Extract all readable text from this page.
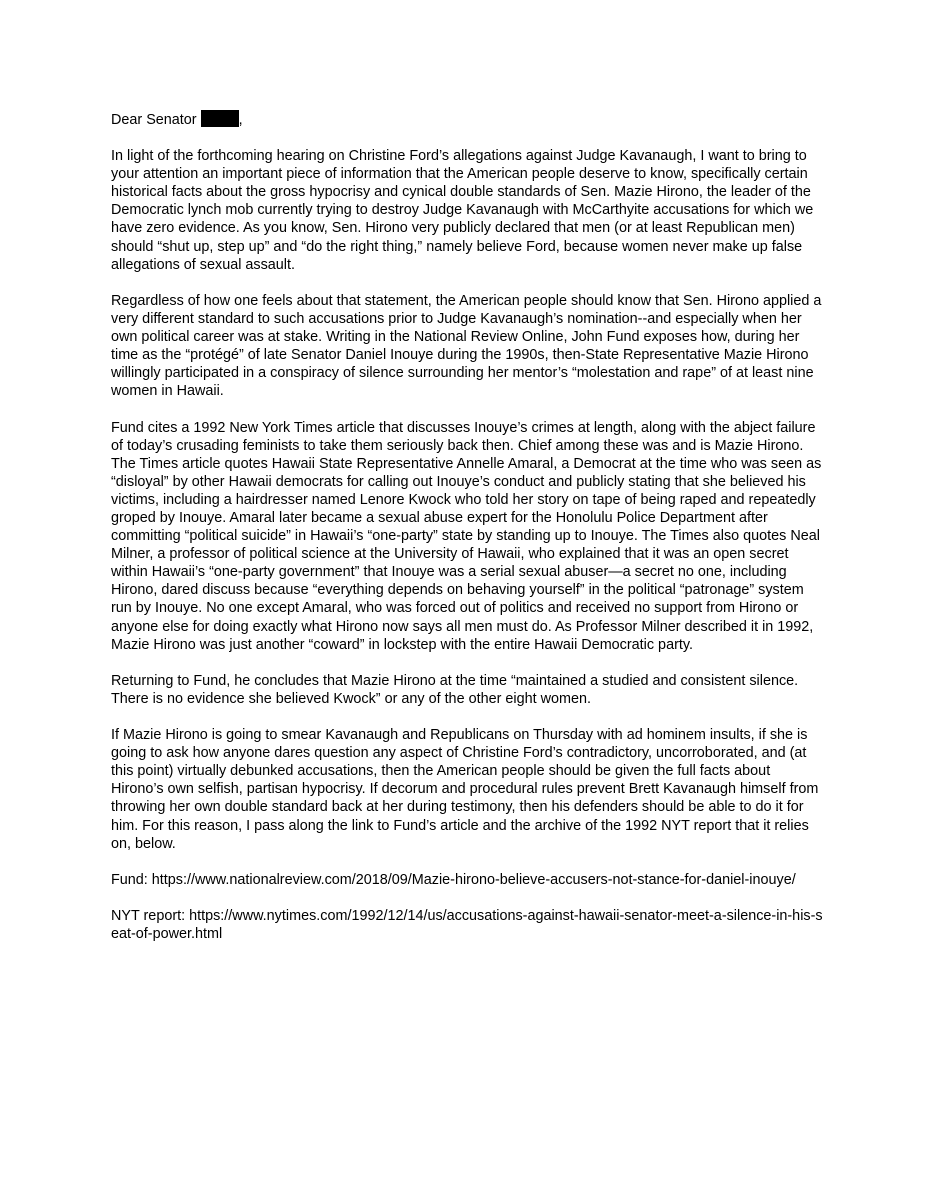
Dear Senator	,

In light of the forthcoming hearing on Christine Ford’s allegations against Judge Kavanaugh, I want to bring to your attention an important piece of information that the American people deserve to know, specifically certain historical facts about the gross hypocrisy and cynical double standards of Sen. Mazie Hirono, the leader of the Democratic lynch mob currently trying to destroy Judge Kavanaugh with McCarthyite accusations for which we have zero evidence. As you know, Sen. Hirono very publicly declared that men (or at least Republican men) should “shut up, step up” and “do the right thing,” namely believe Ford, because women never make up false allegations of sexual assault.

Regardless of how one feels about that statement, the American people should know that Sen. Hirono applied a very different standard to such accusations prior to Judge Kavanaugh’s nomination--and especially when her own political career was at stake. Writing in the National Review Online, John Fund exposes how, during her time as the “protégé” of late Senator Daniel Inouye during the 1990s, then-State Representative Mazie Hirono willingly participated in a conspiracy of silence surrounding her mentor’s “molestation and rape” of at least nine women in Hawaii.

Fund cites a 1992 New York Times article that discusses Inouye’s crimes at length, along with the abject failure of today’s crusading feminists to take them seriously back then. Chief among these was and is Mazie Hirono. The Times article quotes Hawaii State Representative Annelle Amaral, a Democrat at the time who was seen as “disloyal” by other Hawaii democrats for calling out Inouye’s conduct and publicly stating that she believed his victims, including a hairdresser named Lenore Kwock who told her story on tape of being raped and repeatedly groped by Inouye. Amaral later became a sexual abuse expert for the Honolulu Police Department after committing “political suicide” in Hawaii’s “one-party” state by standing up to Inouye. The Times also quotes Neal Milner, a professor of political science at the University of Hawaii, who explained that it was an open secret within Hawaii’s “one-party government” that Inouye was a serial sexual abuser—a secret no one, including Hirono, dared discuss because “everything depends on behaving yourself” in the political “patronage” system run by Inouye. No one except Amaral, who was forced out of politics and received no support from Hirono or anyone else for doing exactly what Hirono now says all men must do. As Professor Milner described it in 1992, Mazie Hirono was just another “coward” in lockstep with the entire Hawaii Democratic party.

Returning to Fund, he concludes that Mazie Hirono at the time “maintained a studied and consistent silence. There is no evidence she believed Kwock” or any of the other eight women.

If Mazie Hirono is going to smear Kavanaugh and Republicans on Thursday with ad hominem insults, if she is going to ask how anyone dares question any aspect of Christine Ford’s contradictory, uncorroborated, and (at this point) virtually debunked accusations, then the American people should be given the full facts about Hirono’s own selfish, partisan hypocrisy. If decorum and procedural rules prevent Brett Kavanaugh himself from throwing her own double standard back at her during testimony, then his defenders should be able to do it for him. For this reason, I pass along the link to Fund’s article and the archive of the 1992 NYT report that it relies on, below.

Fund: https://www.nationalreview.com/2018/09/Mazie-hirono-believe-accusers-not-stance-for-daniel-inouye/

NYT report: https://www.nytimes.com/1992/12/14/us/accusations-against-hawaii-senator-meet-a-silence-in-his-seat-of-power.html
